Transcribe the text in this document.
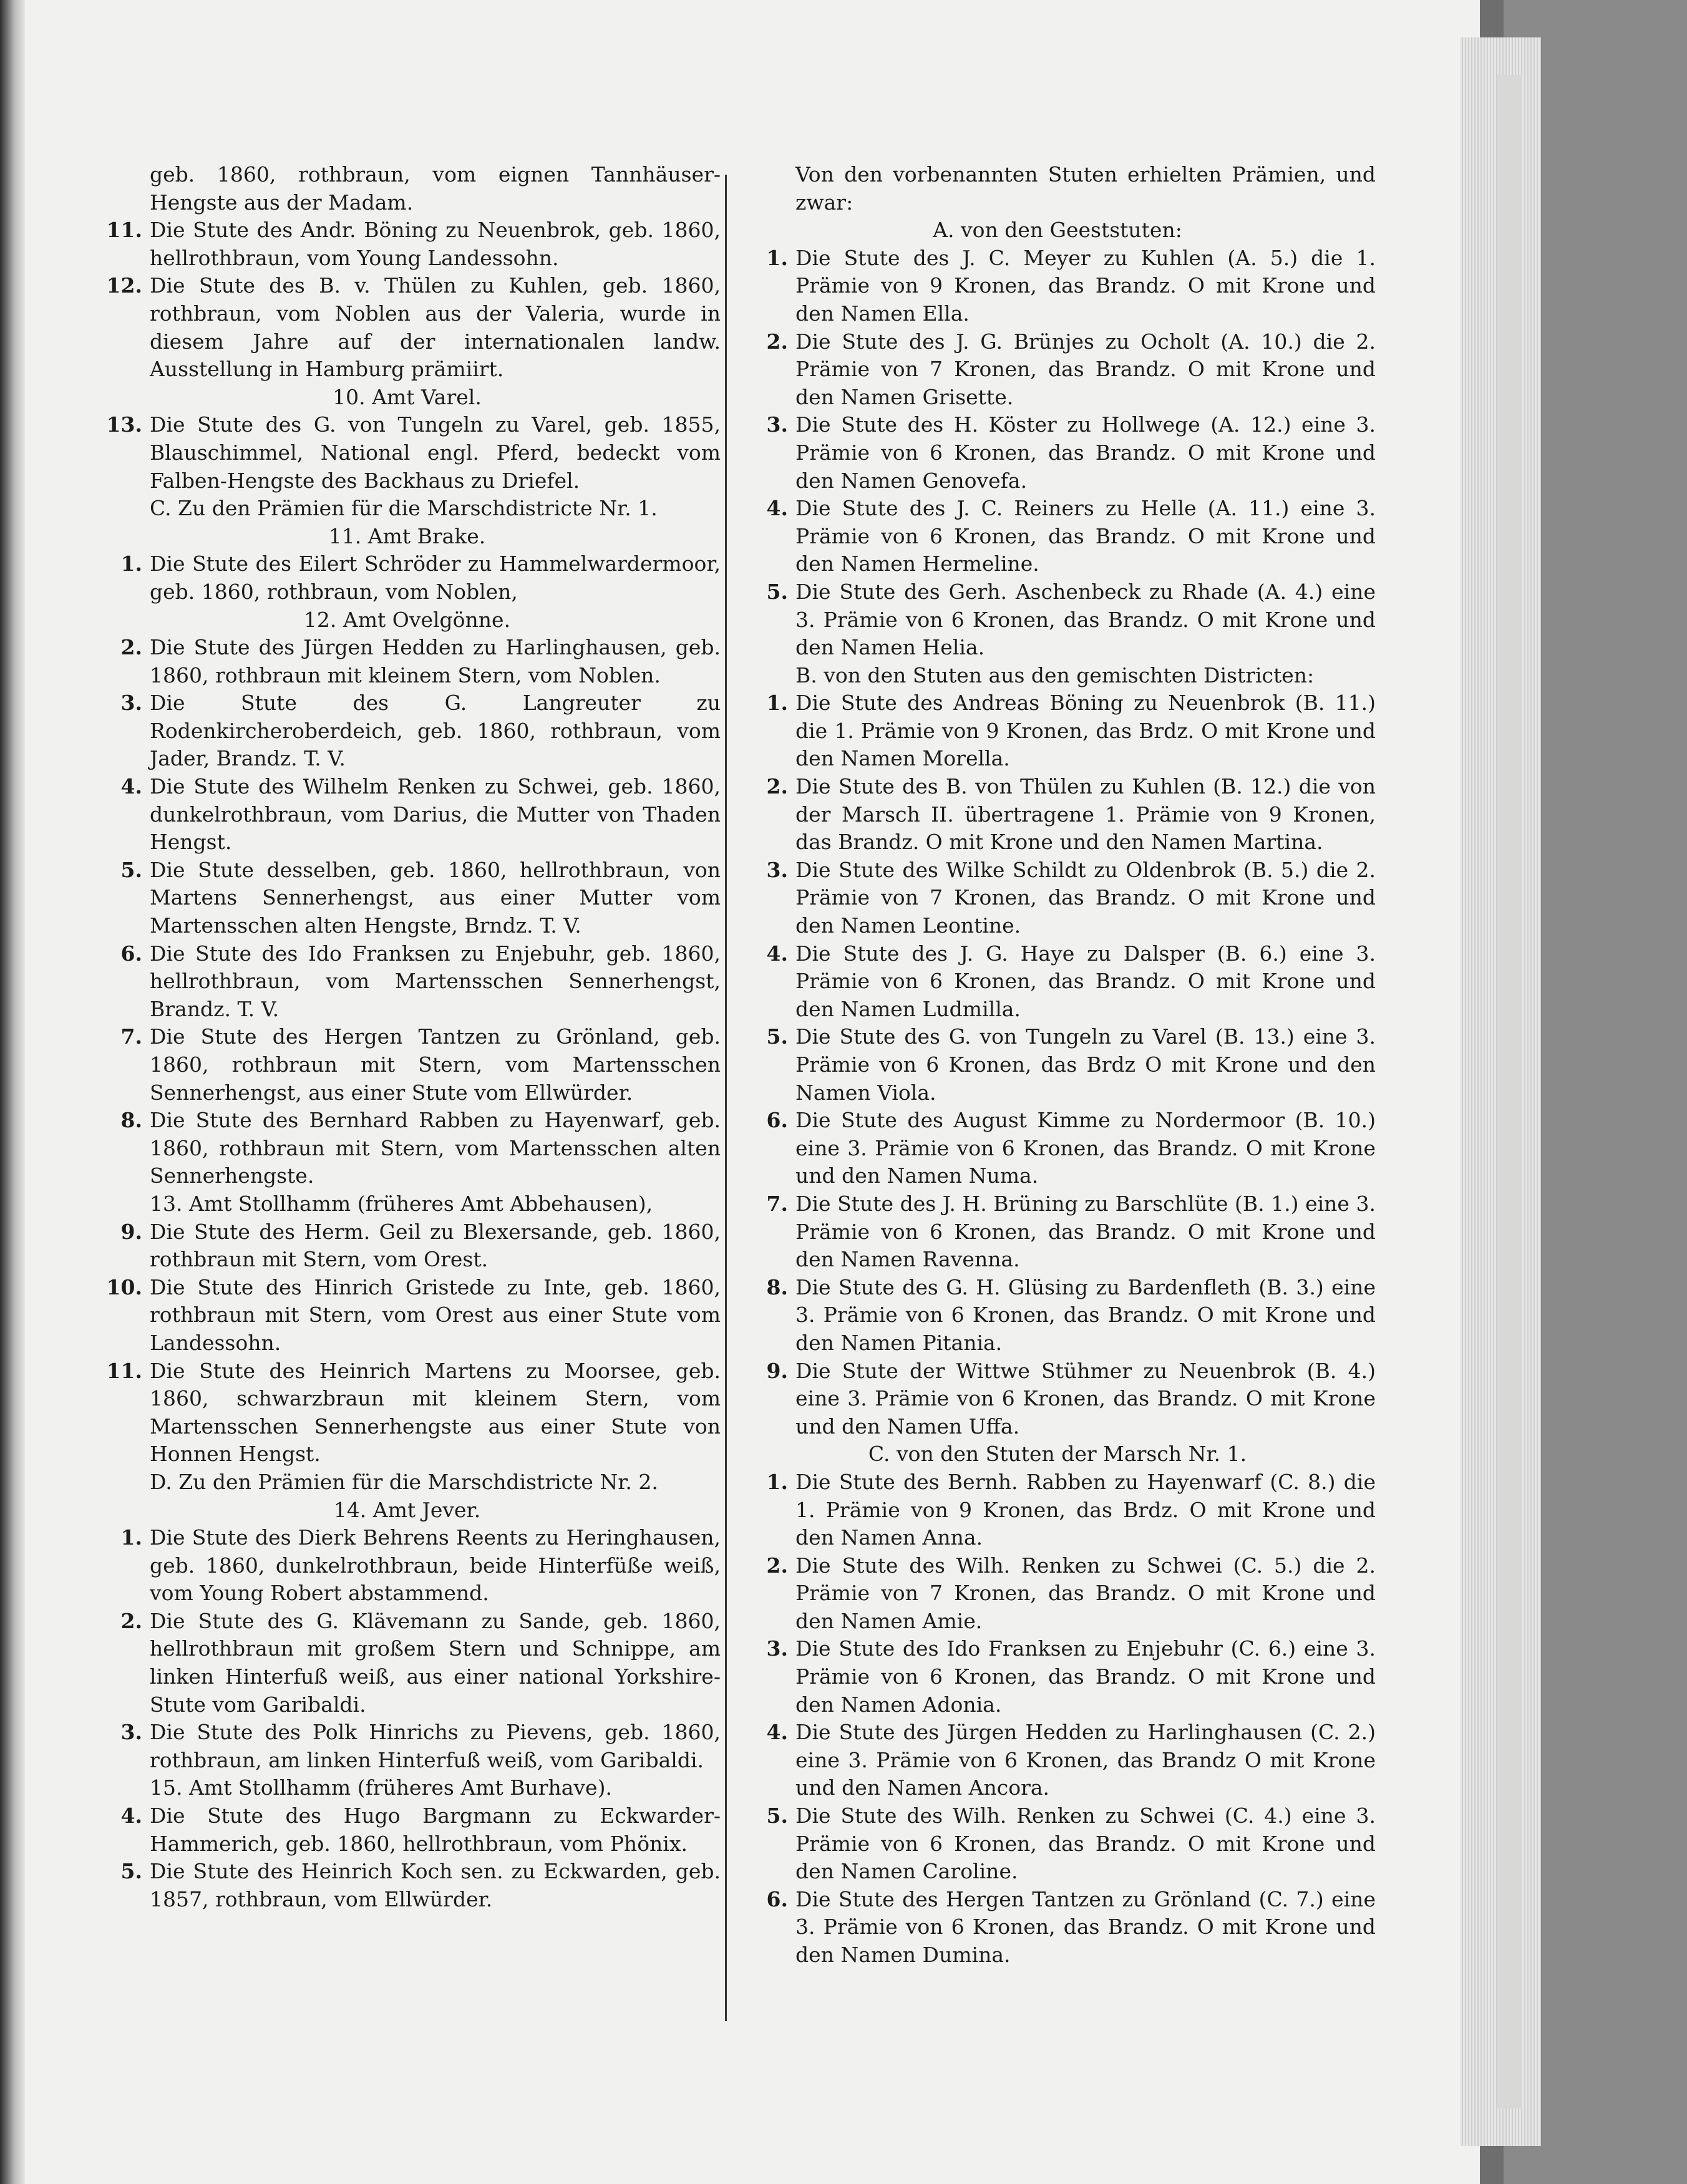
geb. 1860, rothbraun, vom eignen Tannhäuser-Hengste aus der Madam.
11. Die Stute des Andr. Böning zu Neuenbrok, geb. 1860, hellrothbraun, vom Young Landessohn.
12. Die Stute des B. v. Thülen zu Kuhlen, geb. 1860, rothbraun, vom Noblen aus der Valeria, wurde in diesem Jahre auf der internationalen landw. Ausstellung in Hamburg prämiirt.
10. Amt Varel.
13. Die Stute des G. von Tungeln zu Varel, geb. 1855, Blauschimmel, National engl. Pferd, bedeckt vom Falben-Hengste des Backhaus zu Driefel.
C. Zu den Prämien für die Marschdistricte Nr. 1.
11. Amt Brake.
1. Die Stute des Eilert Schröder zu Hammelwardermoor, geb. 1860, rothbraun, vom Noblen,
12. Amt Ovelgönne.
2. Die Stute des Jürgen Hedden zu Harlinghausen, geb. 1860, rothbraun mit kleinem Stern, vom Noblen.
3. Die Stute des G. Langreuter zu Rodenkircheroberdeich, geb. 1860, rothbraun, vom Jader, Brandz. T. V.
4. Die Stute des Wilhelm Renken zu Schwei, geb. 1860, dunkelrothbraun, vom Darius, die Mutter von Thaden Hengst.
5. Die Stute desselben, geb. 1860, hellrothbraun, von Martens Sennerhengst, aus einer Mutter vom Martensschen alten Hengste, Brndz. T. V.
6. Die Stute des Ido Franksen zu Enjebuhr, geb. 1860, hellrothbraun, vom Martensschen Sennerhengst, Brandz. T. V.
7. Die Stute des Hergen Tantzen zu Grönland, geb. 1860, rothbraun mit Stern, vom Martensschen Sennerhengst, aus einer Stute vom Ellwürder.
8. Die Stute des Bernhard Rabben zu Hayenwarf, geb. 1860, rothbraun mit Stern, vom Martensschen alten Sennerhengste.
13. Amt Stollhamm (früheres Amt Abbehausen),
9. Die Stute des Herm. Geil zu Blexersande, geb. 1860, rothbraun mit Stern, vom Orest.
10. Die Stute des Hinrich Gristede zu Inte, geb. 1860, rothbraun mit Stern, vom Orest aus einer Stute vom Landessohn.
11. Die Stute des Heinrich Martens zu Moorsee, geb. 1860, schwarzbraun mit kleinem Stern, vom Martensschen Sennerhengste aus einer Stute von Honnen Hengst.
D. Zu den Prämien für die Marschdistricte Nr. 2.
14. Amt Jever.
1. Die Stute des Dierk Behrens Reents zu Heringhausen, geb. 1860, dunkelrothbraun, beide Hinterfüße weiß, vom Young Robert abstammend.
2. Die Stute des G. Klävemann zu Sande, geb. 1860, hellrothbraun mit großem Stern und Schnippe, am linken Hinterfuß weiß, aus einer national Yorkshire-Stute vom Garibaldi.
3. Die Stute des Polk Hinrichs zu Pievens, geb. 1860, rothbraun, am linken Hinterfuß weiß, vom Garibaldi.
15. Amt Stollhamm (früheres Amt Burhave).
4. Die Stute des Hugo Bargmann zu Eckwarder-Hammerich, geb. 1860, hellrothbraun, vom Phönix.
5. Die Stute des Heinrich Koch sen. zu Eckwarden, geb. 1857, rothbraun, vom Ellwürder.
Von den vorbenannten Stuten erhielten Prämien, und zwar:
A. von den Geeststuten:
1. Die Stute des J. C. Meyer zu Kuhlen (A. 5.) die 1. Prämie von 9 Kronen, das Brandz. O mit Krone und den Namen Ella.
2. Die Stute des J. G. Brünjes zu Ocholt (A. 10.) die 2. Prämie von 7 Kronen, das Brandz. O mit Krone und den Namen Grisette.
3. Die Stute des H. Köster zu Hollwege (A. 12.) eine 3. Prämie von 6 Kronen, das Brandz. O mit Krone und den Namen Genovefa.
4. Die Stute des J. C. Reiners zu Helle (A. 11.) eine 3. Prämie von 6 Kronen, das Brandz. O mit Krone und den Namen Hermeline.
5. Die Stute des Gerh. Aschenbeck zu Rhade (A. 4.) eine 3. Prämie von 6 Kronen, das Brandz. O mit Krone und den Namen Helia.
B. von den Stuten aus den gemischten Districten:
1. Die Stute des Andreas Böning zu Neuenbrok (B. 11.) die 1. Prämie von 9 Kronen, das Brdz. O mit Krone und den Namen Morella.
2. Die Stute des B. von Thülen zu Kuhlen (B. 12.) die von der Marsch II. übertragene 1. Prämie von 9 Kronen, das Brandz. O mit Krone und den Namen Martina.
3. Die Stute des Wilke Schildt zu Oldenbrok (B. 5.) die 2. Prämie von 7 Kronen, das Brandz. O mit Krone und den Namen Leontine.
4. Die Stute des J. G. Haye zu Dalsper (B. 6.) eine 3. Prämie von 6 Kronen, das Brandz. O mit Krone und den Namen Ludmilla.
5. Die Stute des G. von Tungeln zu Varel (B. 13.) eine 3. Prämie von 6 Kronen, das Brdz O mit Krone und den Namen Viola.
6. Die Stute des August Kimme zu Nordermoor (B. 10.) eine 3. Prämie von 6 Kronen, das Brandz. O mit Krone und den Namen Numa.
7. Die Stute des J. H. Brüning zu Barschlüte (B. 1.) eine 3. Prämie von 6 Kronen, das Brandz. O mit Krone und den Namen Ravenna.
8. Die Stute des G. H. Glüsing zu Bardenfleth (B. 3.) eine 3. Prämie von 6 Kronen, das Brandz. O mit Krone und den Namen Pitania.
9. Die Stute der Wittwe Stühmer zu Neuenbrok (B. 4.) eine 3. Prämie von 6 Kronen, das Brandz. O mit Krone und den Namen Uffa.
C. von den Stuten der Marsch Nr. 1.
1. Die Stute des Bernh. Rabben zu Hayenwarf (C. 8.) die 1. Prämie von 9 Kronen, das Brdz. O mit Krone und den Namen Anna.
2. Die Stute des Wilh. Renken zu Schwei (C. 5.) die 2. Prämie von 7 Kronen, das Brandz. O mit Krone und den Namen Amie.
3. Die Stute des Ido Franksen zu Enjebuhr (C. 6.) eine 3. Prämie von 6 Kronen, das Brandz. O mit Krone und den Namen Adonia.
4. Die Stute des Jürgen Hedden zu Harlinghausen (C. 2.) eine 3. Prämie von 6 Kronen, das Brandz O mit Krone und den Namen Ancora.
5. Die Stute des Wilh. Renken zu Schwei (C. 4.) eine 3. Prämie von 6 Kronen, das Brandz. O mit Krone und den Namen Caroline.
6. Die Stute des Hergen Tantzen zu Grönland (C. 7.) eine 3. Prämie von 6 Kronen, das Brandz. O mit Krone und den Namen Dumina.
